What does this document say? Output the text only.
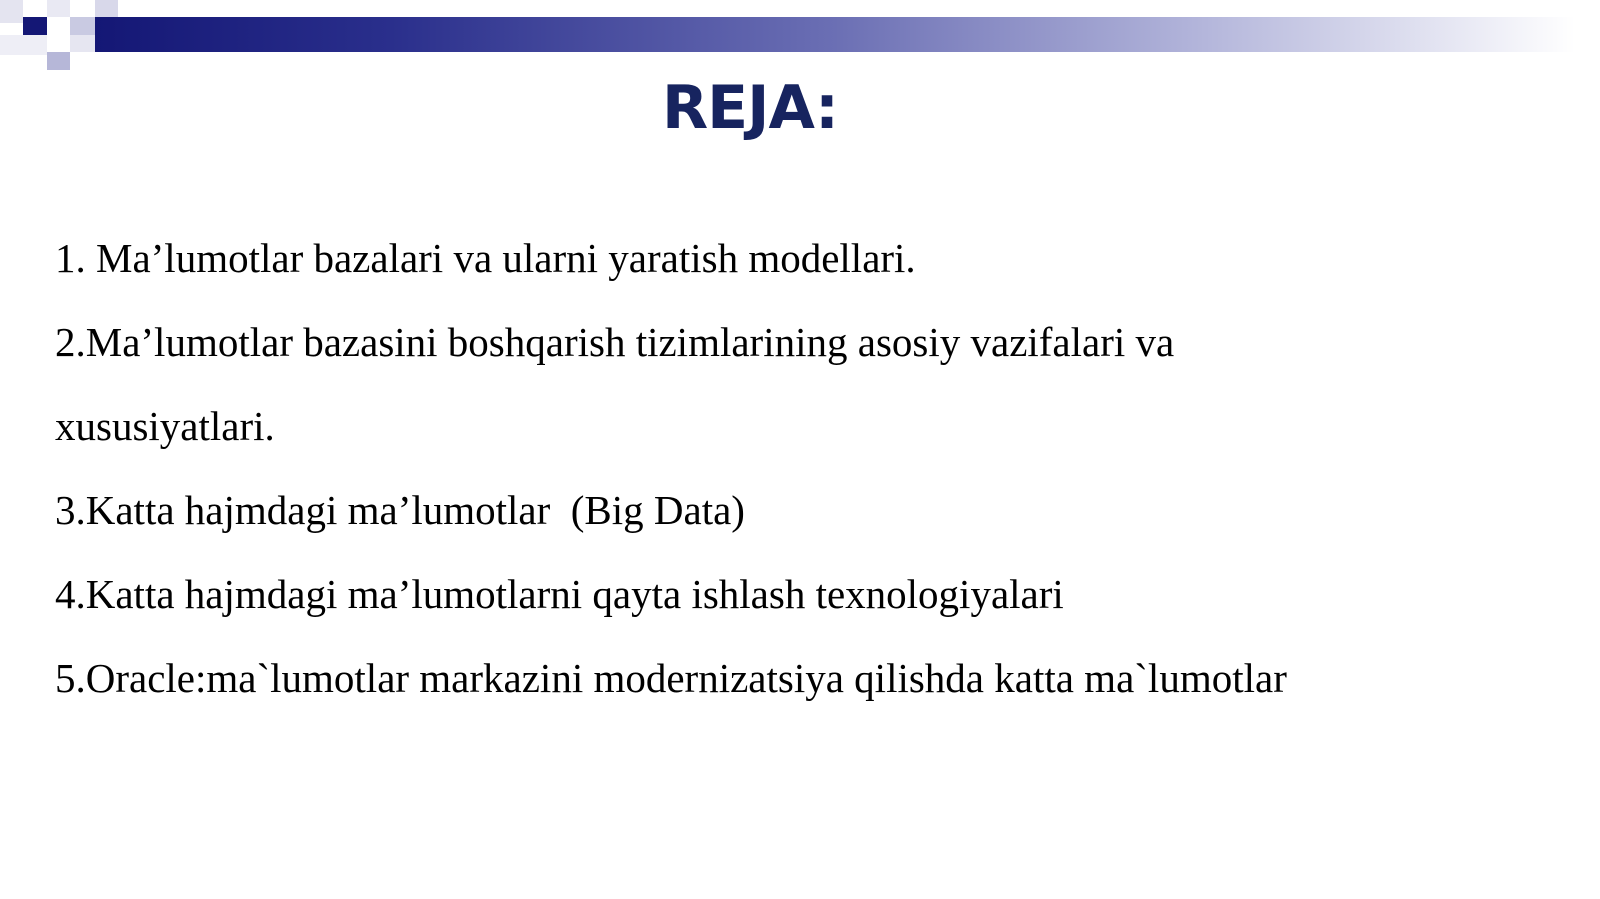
REJA:
1. Ma’lumotlar bazalari va ularni yaratish modellari.
2.Ma’lumotlar bazasini boshqarish tizimlarining asosiy vazifalari va
xususiyatlari.
3.Katta hajmdagi ma’lumotlar  (Big Data)
4.Katta hajmdagi ma’lumotlarni qayta ishlash texnologiyalari
5.Oracle:ma`lumotlar markazini modernizatsiya qilishda katta ma`lumotlar
